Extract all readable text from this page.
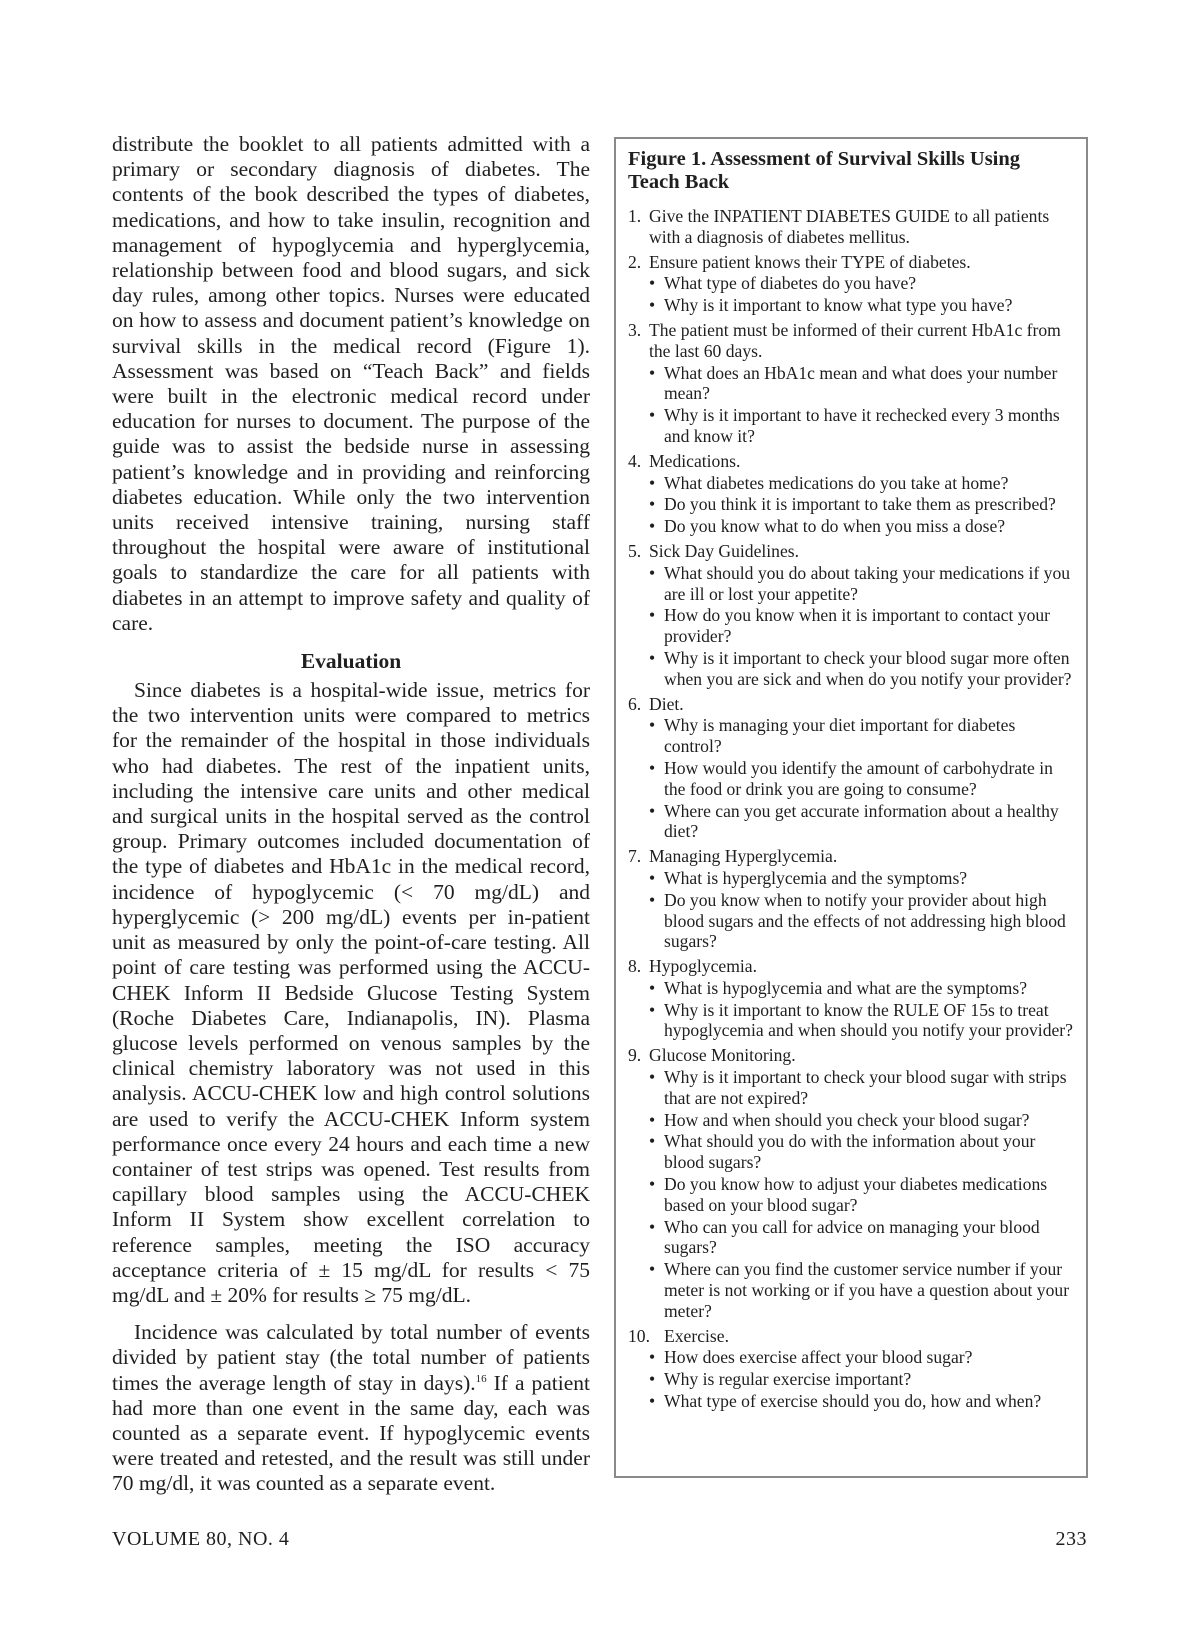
distribute the booklet to all patients admitted with a primary or secondary diagnosis of diabetes. The contents of the book described the types of diabetes, medications, and how to take insulin, recognition and management of hypoglycemia and hyperglycemia, relationship between food and blood sugars, and sick day rules, among other topics. Nurses were educated on how to assess and document patient’s knowledge on survival skills in the medical record (Figure 1). Assessment was based on “Teach Back” and fields were built in the electronic medical record under education for nurses to document. The purpose of the guide was to assist the bedside nurse in assessing patient’s knowledge and in providing and reinforcing diabetes education. While only the two intervention units received intensive training, nursing staff throughout the hospital were aware of institutional goals to standardize the care for all patients with diabetes in an attempt to improve safety and quality of care.

Evaluation

Since diabetes is a hospital-wide issue, metrics for the two intervention units were compared to metrics for the remainder of the hospital in those individuals who had diabetes. The rest of the inpatient units, including the intensive care units and other medical and surgical units in the hospital served as the control group. Primary outcomes included documentation of the type of diabetes and HbA1c in the medical record, incidence of hypoglycemic (< 70 mg/dL) and hyperglycemic (> 200 mg/dL) events per in-patient unit as measured by only the point-of-care testing. All point of care testing was performed using the ACCU-CHEK Inform II Bedside Glucose Testing System (Roche Diabetes Care, Indianapolis, IN). Plasma glucose levels performed on venous samples by the clinical chemistry laboratory was not used in this analysis. ACCU-CHEK low and high control solutions are used to verify the ACCU-CHEK Inform system performance once every 24 hours and each time a new container of test strips was opened. Test results from capillary blood samples using the ACCU-CHEK Inform II System show excellent correlation to reference samples, meeting the ISO accuracy acceptance criteria of ± 15 mg/dL for results < 75 mg/dL and ± 20% for results ≥ 75 mg/dL.

Incidence was calculated by total number of events divided by patient stay (the total number of patients times the average length of stay in days).$^{16}$ If a patient had more than one event in the same day, each was counted as a separate event. If hypoglycemic events were treated and retested, and the result was still under 70 mg/dl, it was counted as a separate event.

Figure 1. Assessment of Survival Skills Using Teach Back
1. Give the INPATIENT DIABETES GUIDE to all patients with a diagnosis of diabetes mellitus.
2. Ensure patient knows their TYPE of diabetes.
• What type of diabetes do you have?
• Why is it important to know what type you have?
3. The patient must be informed of their current HbA1c from the last 60 days.
• What does an HbA1c mean and what does your number mean?
• Why is it important to have it rechecked every 3 months and know it?
4. Medications.
• What diabetes medications do you take at home?
• Do you think it is important to take them as prescribed?
• Do you know what to do when you miss a dose?
5. Sick Day Guidelines.
• What should you do about taking your medications if you are ill or lost your appetite?
• How do you know when it is important to contact your provider?
• Why is it important to check your blood sugar more often when you are sick and when do you notify your provider?
6. Diet.
• Why is managing your diet important for diabetes control?
• How would you identify the amount of carbohydrate in the food or drink you are going to consume?
• Where can you get accurate information about a healthy diet?
7. Managing Hyperglycemia.
• What is hyperglycemia and the symptoms?
• Do you know when to notify your provider about high blood sugars and the effects of not addressing high blood sugars?
8. Hypoglycemia.
• What is hypoglycemia and what are the symptoms?
• Why is it important to know the RULE OF 15s to treat hypoglycemia and when should you notify your provider?
9. Glucose Monitoring.
• Why is it important to check your blood sugar with strips that are not expired?
• How and when should you check your blood sugar?
• What should you do with the information about your blood sugars?
• Do you know how to adjust your diabetes medications based on your blood sugar?
• Who can you call for advice on managing your blood sugars?
• Where can you find the customer service number if your meter is not working or if you have a question about your meter?
10. Exercise.
• How does exercise affect your blood sugar?
• Why is regular exercise important?
• What type of exercise should you do, how and when?
VOLUME 80, NO. 4	233
